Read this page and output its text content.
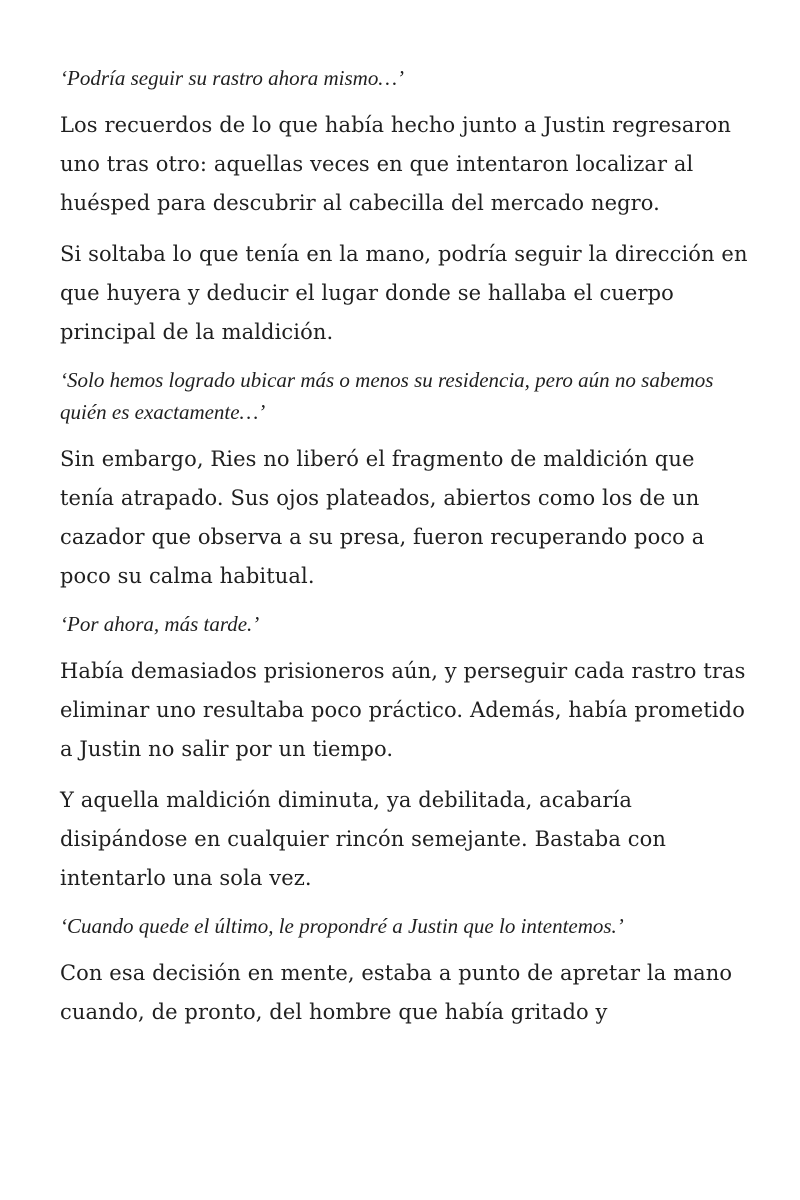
‘Podría seguir su rastro ahora mismo…’

Los recuerdos de lo que había hecho junto a Justin regresaron uno tras otro: aquellas veces en que intentaron localizar al huésped para descubrir al cabecilla del mercado negro.

Si soltaba lo que tenía en la mano, podría seguir la dirección en que huyera y deducir el lugar donde se hallaba el cuerpo principal de la maldición.

‘Solo hemos logrado ubicar más o menos su residencia, pero aún no sabemos quién es exactamente…’

Sin embargo, Ries no liberó el fragmento de maldición que tenía atrapado. Sus ojos plateados, abiertos como los de un cazador que observa a su presa, fueron recuperando poco a poco su calma habitual.

‘Por ahora, más tarde.’

Había demasiados prisioneros aún, y perseguir cada rastro tras eliminar uno resultaba poco práctico. Además, había prometido a Justin no salir por un tiempo.

Y aquella maldición diminuta, ya debilitada, acabaría disipándose en cualquier rincón semejante. Bastaba con intentarlo una sola vez.

‘Cuando quede el último, le propondré a Justin que lo intentemos.’

Con esa decisión en mente, estaba a punto de apretar la mano cuando, de pronto, del hombre que había gritado y
